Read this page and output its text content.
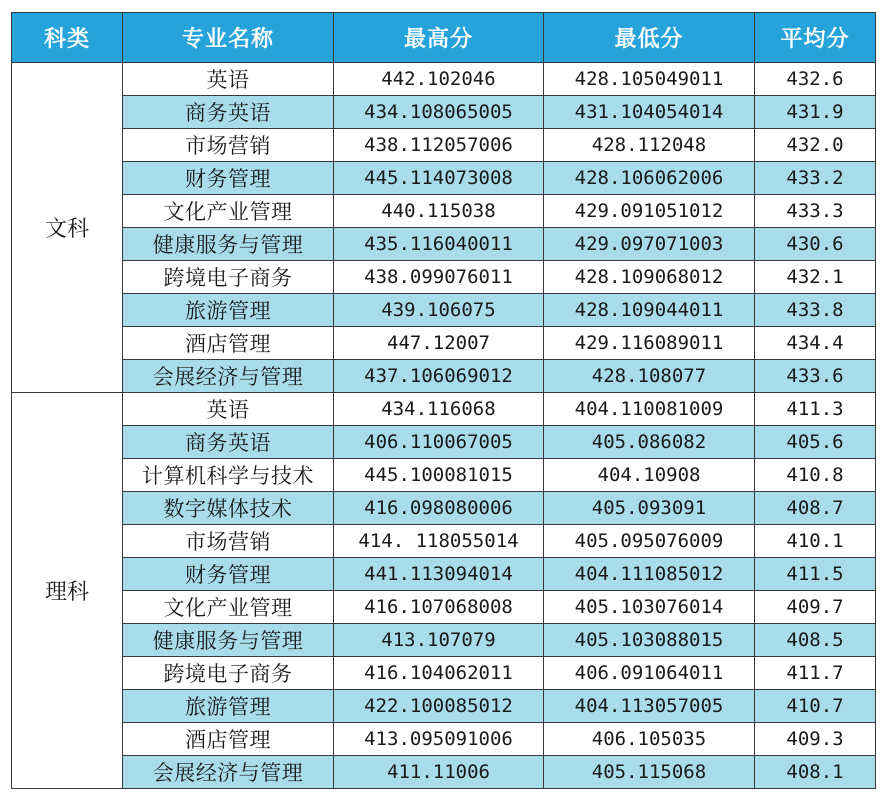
科类	专业名称	最高分	最低分	平均分
文科	英语	442.102046	428.105049011	432.6
	商务英语	434.108065005	431.104054014	431.9
	市场营销	438.112057006	428.112048	432.0
	财务管理	445.114073008	428.106062006	433.2
	文化产业管理	440.115038	429.091051012	433.3
	健康服务与管理	435.116040011	429.097071003	430.6
	跨境电子商务	438.099076011	428.109068012	432.1
	旅游管理	439.106075	428.109044011	433.8
	酒店管理	447.12007	429.116089011	434.4
	会展经济与管理	437.106069012	428.108077	433.6
理科	英语	434.116068	404.110081009	411.3
	商务英语	406.110067005	405.086082	405.6
	计算机科学与技术	445.100081015	404.10908	410.8
	数字媒体技术	416.098080006	405.093091	408.7
	市场营销	414. 118055014	405.095076009	410.1
	财务管理	441.113094014	404.111085012	411.5
	文化产业管理	416.107068008	405.103076014	409.7
	健康服务与管理	413.107079	405.103088015	408.5
	跨境电子商务	416.104062011	406.091064011	411.7
	旅游管理	422.100085012	404.113057005	410.7
	酒店管理	413.095091006	406.105035	409.3
	会展经济与管理	411.11006	405.115068	408.1
